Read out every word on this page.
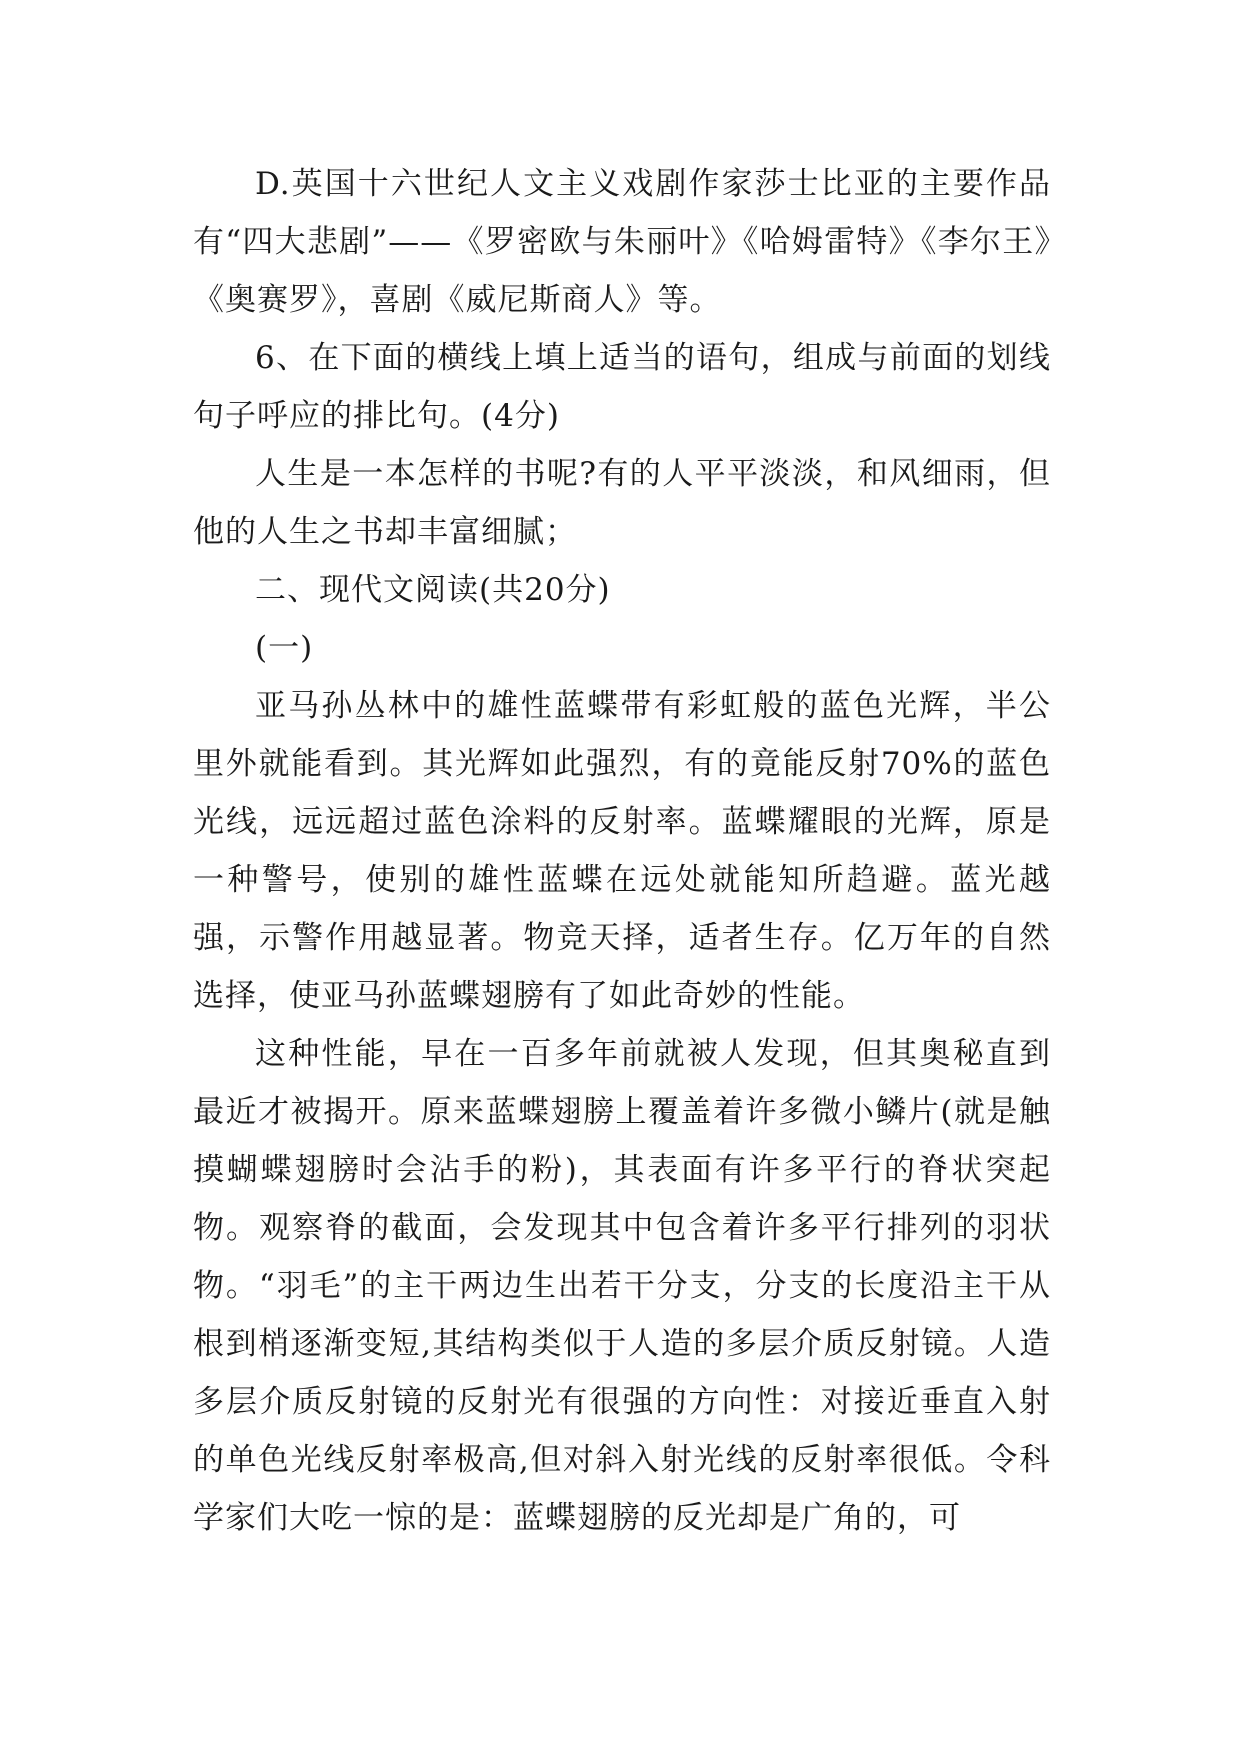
D.英国十六世纪人文主义戏剧作家莎士比亚的主要作品有“四大悲剧”——《罗密欧与朱丽叶》《哈姆雷特》《李尔王》《奥赛罗》，喜剧《威尼斯商人》等。

6、在下面的横线上填上适当的语句，组成与前面的划线句子呼应的排比句。(4分)

人生是一本怎样的书呢?有的人平平淡淡，和风细雨，但他的人生之书却丰富细腻；

二、现代文阅读(共20分)

(一)

亚马孙丛林中的雄性蓝蝶带有彩虹般的蓝色光辉，半公里外就能看到。其光辉如此强烈，有的竟能反射70%的蓝色光线，远远超过蓝色涂料的反射率。蓝蝶耀眼的光辉，原是一种警号，使别的雄性蓝蝶在远处就能知所趋避。蓝光越强，示警作用越显著。物竞天择，适者生存。亿万年的自然选择，使亚马孙蓝蝶翅膀有了如此奇妙的性能。

这种性能，早在一百多年前就被人发现，但其奥秘直到最近才被揭开。原来蓝蝶翅膀上覆盖着许多微小鳞片(就是触摸蝴蝶翅膀时会沾手的粉)，其表面有许多平行的脊状突起物。观察脊的截面，会发现其中包含着许多平行排列的羽状物。“羽毛”的主干两边生出若干分支，分支的长度沿主干从根到梢逐渐变短,其结构类似于人造的多层介质反射镜。人造多层介质反射镜的反射光有很强的方向性：对接近垂直入射的单色光线反射率极高,但对斜入射光线的反射率很低。令科学家们大吃一惊的是：蓝蝶翅膀的反光却是广角的，可
